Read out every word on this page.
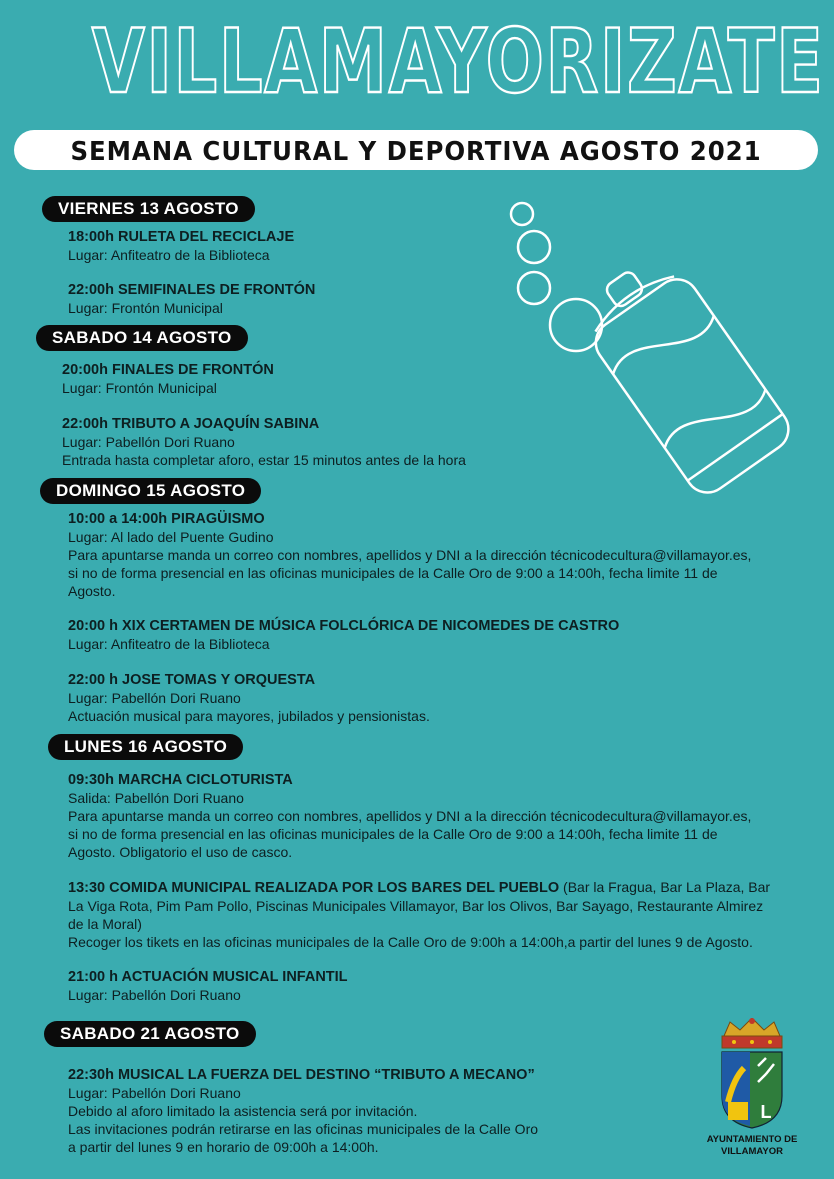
VILLAMAYORIZATE
SEMANA CULTURAL Y DEPORTIVA AGOSTO 2021
VIERNES 13 AGOSTO
SABADO 14 AGOSTO
DOMINGO 15 AGOSTO
LUNES 16 AGOSTO
SABADO 21 AGOSTO
18:00h RULETA DEL RECICLAJE
Lugar: Anfiteatro de la Biblioteca
22:00h SEMIFINALES DE FRONTÓN
Lugar: Frontón Municipal
20:00h FINALES DE FRONTÓN
Lugar: Frontón Municipal
22:00h TRIBUTO A JOAQUÍN SABINA
Lugar: Pabellón Dori Ruano
Entrada hasta completar aforo, estar 15 minutos antes de la hora
10:00 a 14:00h PIRAGÜISMO
Lugar: Al lado del Puente Gudino
Para apuntarse manda un correo con nombres, apellidos y DNI a la dirección técnicodecultura@villamayor.es,
si no de forma presencial en las oficinas municipales de la Calle Oro de 9:00 a 14:00h, fecha limite 11 de
Agosto.
20:00 h XIX CERTAMEN DE MÚSICA FOLCLÓRICA DE NICOMEDES DE CASTRO
Lugar: Anfiteatro de la Biblioteca
22:00 h JOSE TOMAS Y ORQUESTA
Lugar: Pabellón Dori Ruano
Actuación musical para mayores, jubilados y pensionistas.
09:30h MARCHA CICLOTURISTA
Salida: Pabellón Dori Ruano
Para apuntarse manda un correo con nombres, apellidos y DNI a la dirección técnicodecultura@villamayor.es,
si no de forma presencial en las oficinas municipales de la Calle Oro de 9:00 a 14:00h, fecha limite 11 de
Agosto. Obligatorio el uso de casco.
13:30 COMIDA MUNICIPAL REALIZADA POR LOS BARES DEL PUEBLO (Bar la Fragua, Bar La Plaza, Bar
La Viga Rota, Pim Pam Pollo, Piscinas Municipales Villamayor, Bar los Olivos, Bar Sayago, Restaurante Almirez
de la Moral)
Recoger los tikets en las oficinas municipales de la Calle Oro de 9:00h a 14:00h,a partir del lunes 9 de Agosto.
21:00 h ACTUACIÓN MUSICAL INFANTIL
Lugar: Pabellón Dori Ruano
22:30h MUSICAL LA FUERZA DEL DESTINO “TRIBUTO A MECANO”
Lugar: Pabellón Dori Ruano
Debido al aforo limitado la asistencia será por invitación.
Las invitaciones podrán retirarse en las oficinas municipales de la Calle Oro
a partir del lunes 9 en horario de 09:00h a 14:00h.
L
AYUNTAMIENTO DE
VILLAMAYOR
